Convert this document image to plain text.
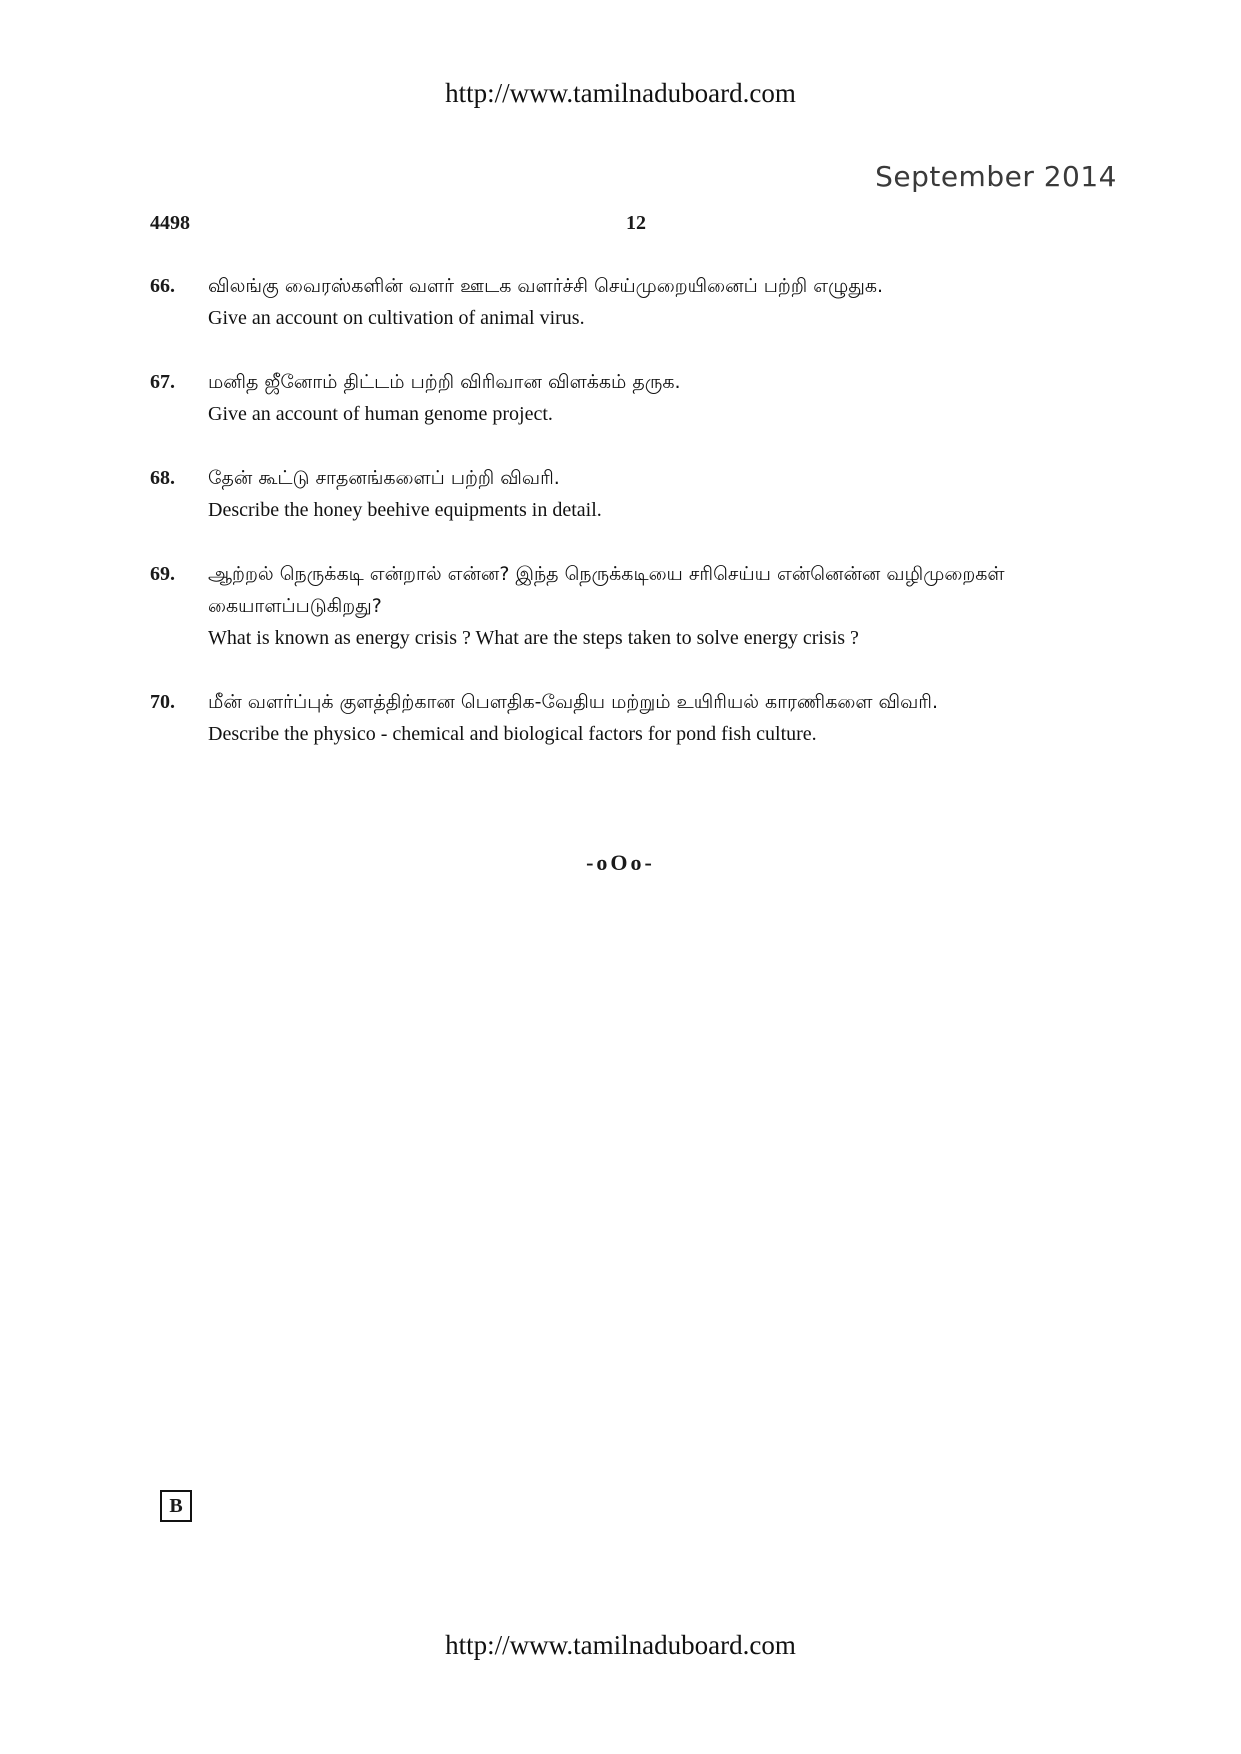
http://www.tamilnaduboard.com
September 2014
4498	12
66.	விலங்கு வைரஸ்களின் வளர் ஊடக வளர்ச்சி செய்முறையினைப் பற்றி எழுதுக.
Give an account on cultivation of animal virus.
67.	மனித ஜீனோம் திட்டம் பற்றி விரிவான விளக்கம் தருக.
Give an account of human genome project.
68.	தேன் கூட்டு சாதனங்களைப் பற்றி விவரி.
Describe the honey beehive equipments in detail.
69.	ஆற்றல் நெருக்கடி என்றால் என்ன? இந்த நெருக்கடியை சரிசெய்ய என்னென்ன வழிமுறைகள் கையாளப்படுகிறது?
What is known as energy crisis ? What are the steps taken to solve energy crisis ?
70.	மீன் வளர்ப்புக் குளத்திற்கான பௌதிக-வேதிய மற்றும் உயிரியல் காரணிகளை விவரி.
Describe the physico - chemical and biological factors for pond fish culture.
-oOo-
B
http://www.tamilnaduboard.com
